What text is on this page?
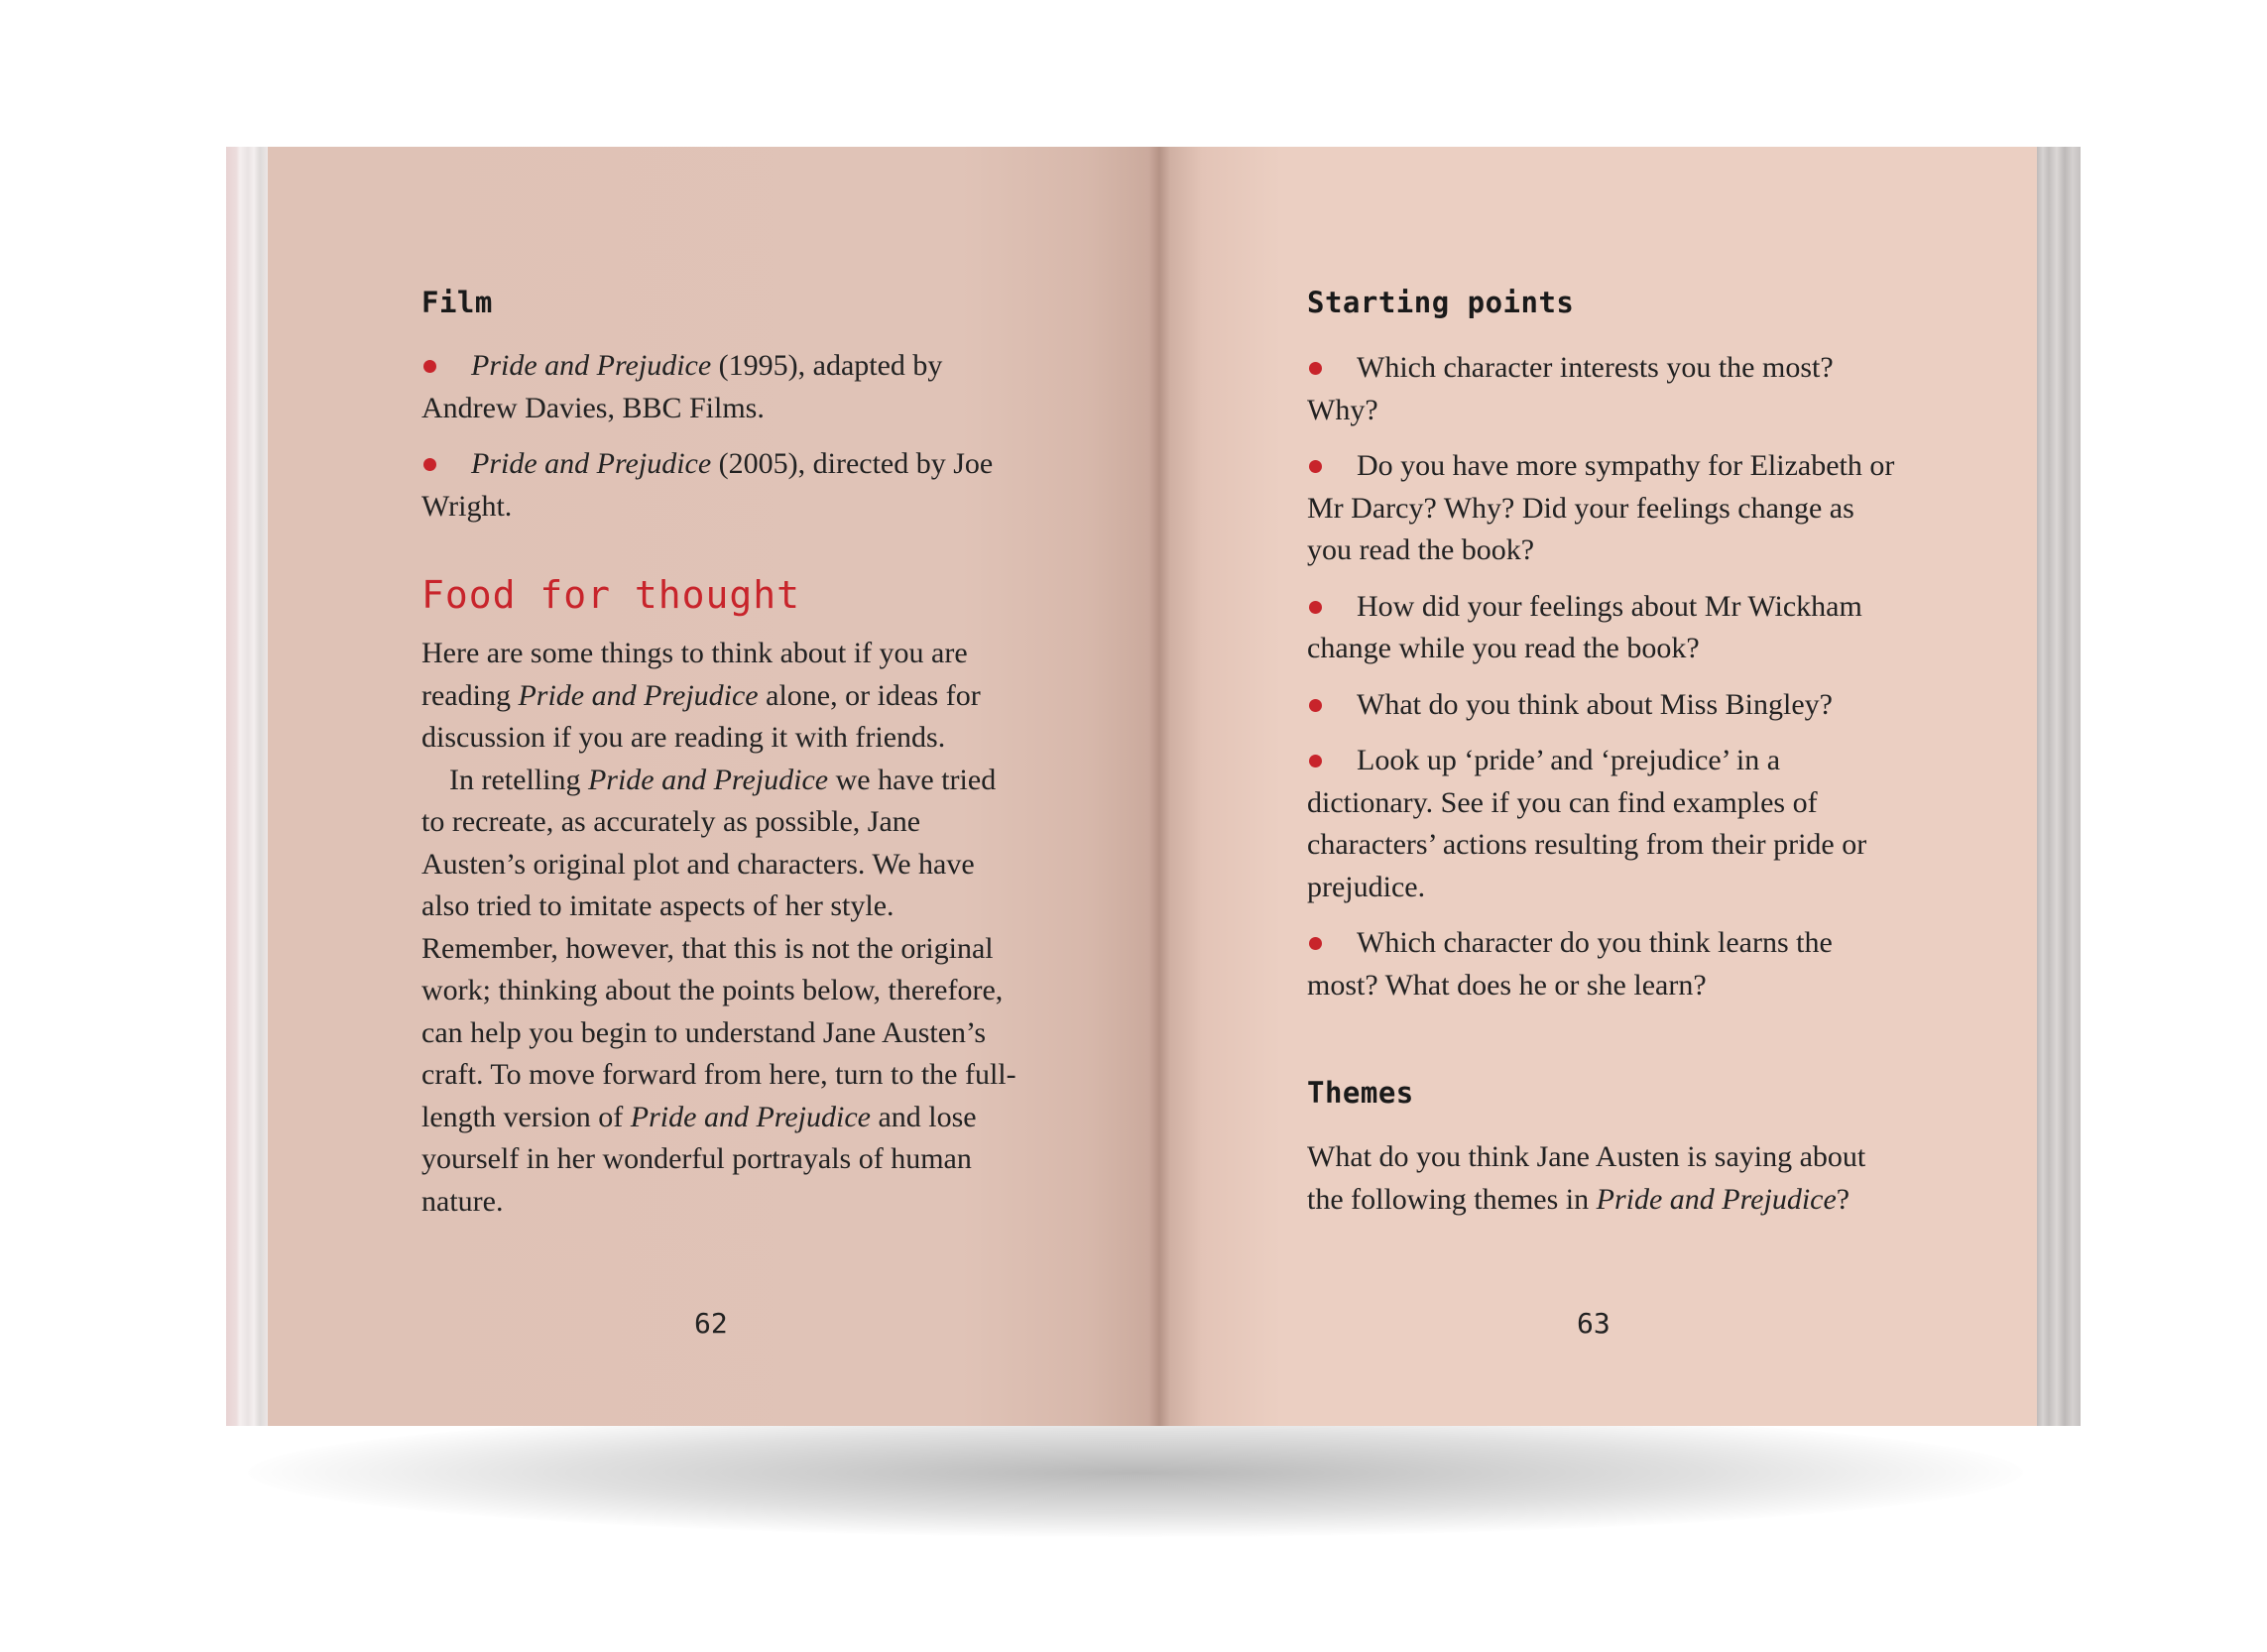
Film

Pride and Prejudice (1995), adapted by Andrew Davies, BBC Films.

Pride and Prejudice (2005), directed by Joe Wright.

Food for thought

Here are some things to think about if you are reading Pride and Prejudice alone, or ideas for discussion if you are reading it with friends.

In retelling Pride and Prejudice we have tried to recreate, as accurately as possible, Jane Austen’s original plot and characters. We have also tried to imitate aspects of her style. Remember, however, that this is not the original work; thinking about the points below, therefore, can help you begin to understand Jane Austen’s craft. To move forward from here, turn to the full-length version of Pride and Prejudice and lose yourself in her wonderful portrayals of human nature.

62
Starting points

Which character interests you the most? Why?

Do you have more sympathy for Elizabeth or Mr Darcy? Why? Did your feelings change as you read the book?

How did your feelings about Mr Wickham change while you read the book?

What do you think about Miss Bingley?

Look up ‘pride’ and ‘prejudice’ in a dictionary. See if you can find examples of characters’ actions resulting from their pride or prejudice.

Which character do you think learns the most? What does he or she learn?

Themes

What do you think Jane Austen is saying about the following themes in Pride and Prejudice?

63
